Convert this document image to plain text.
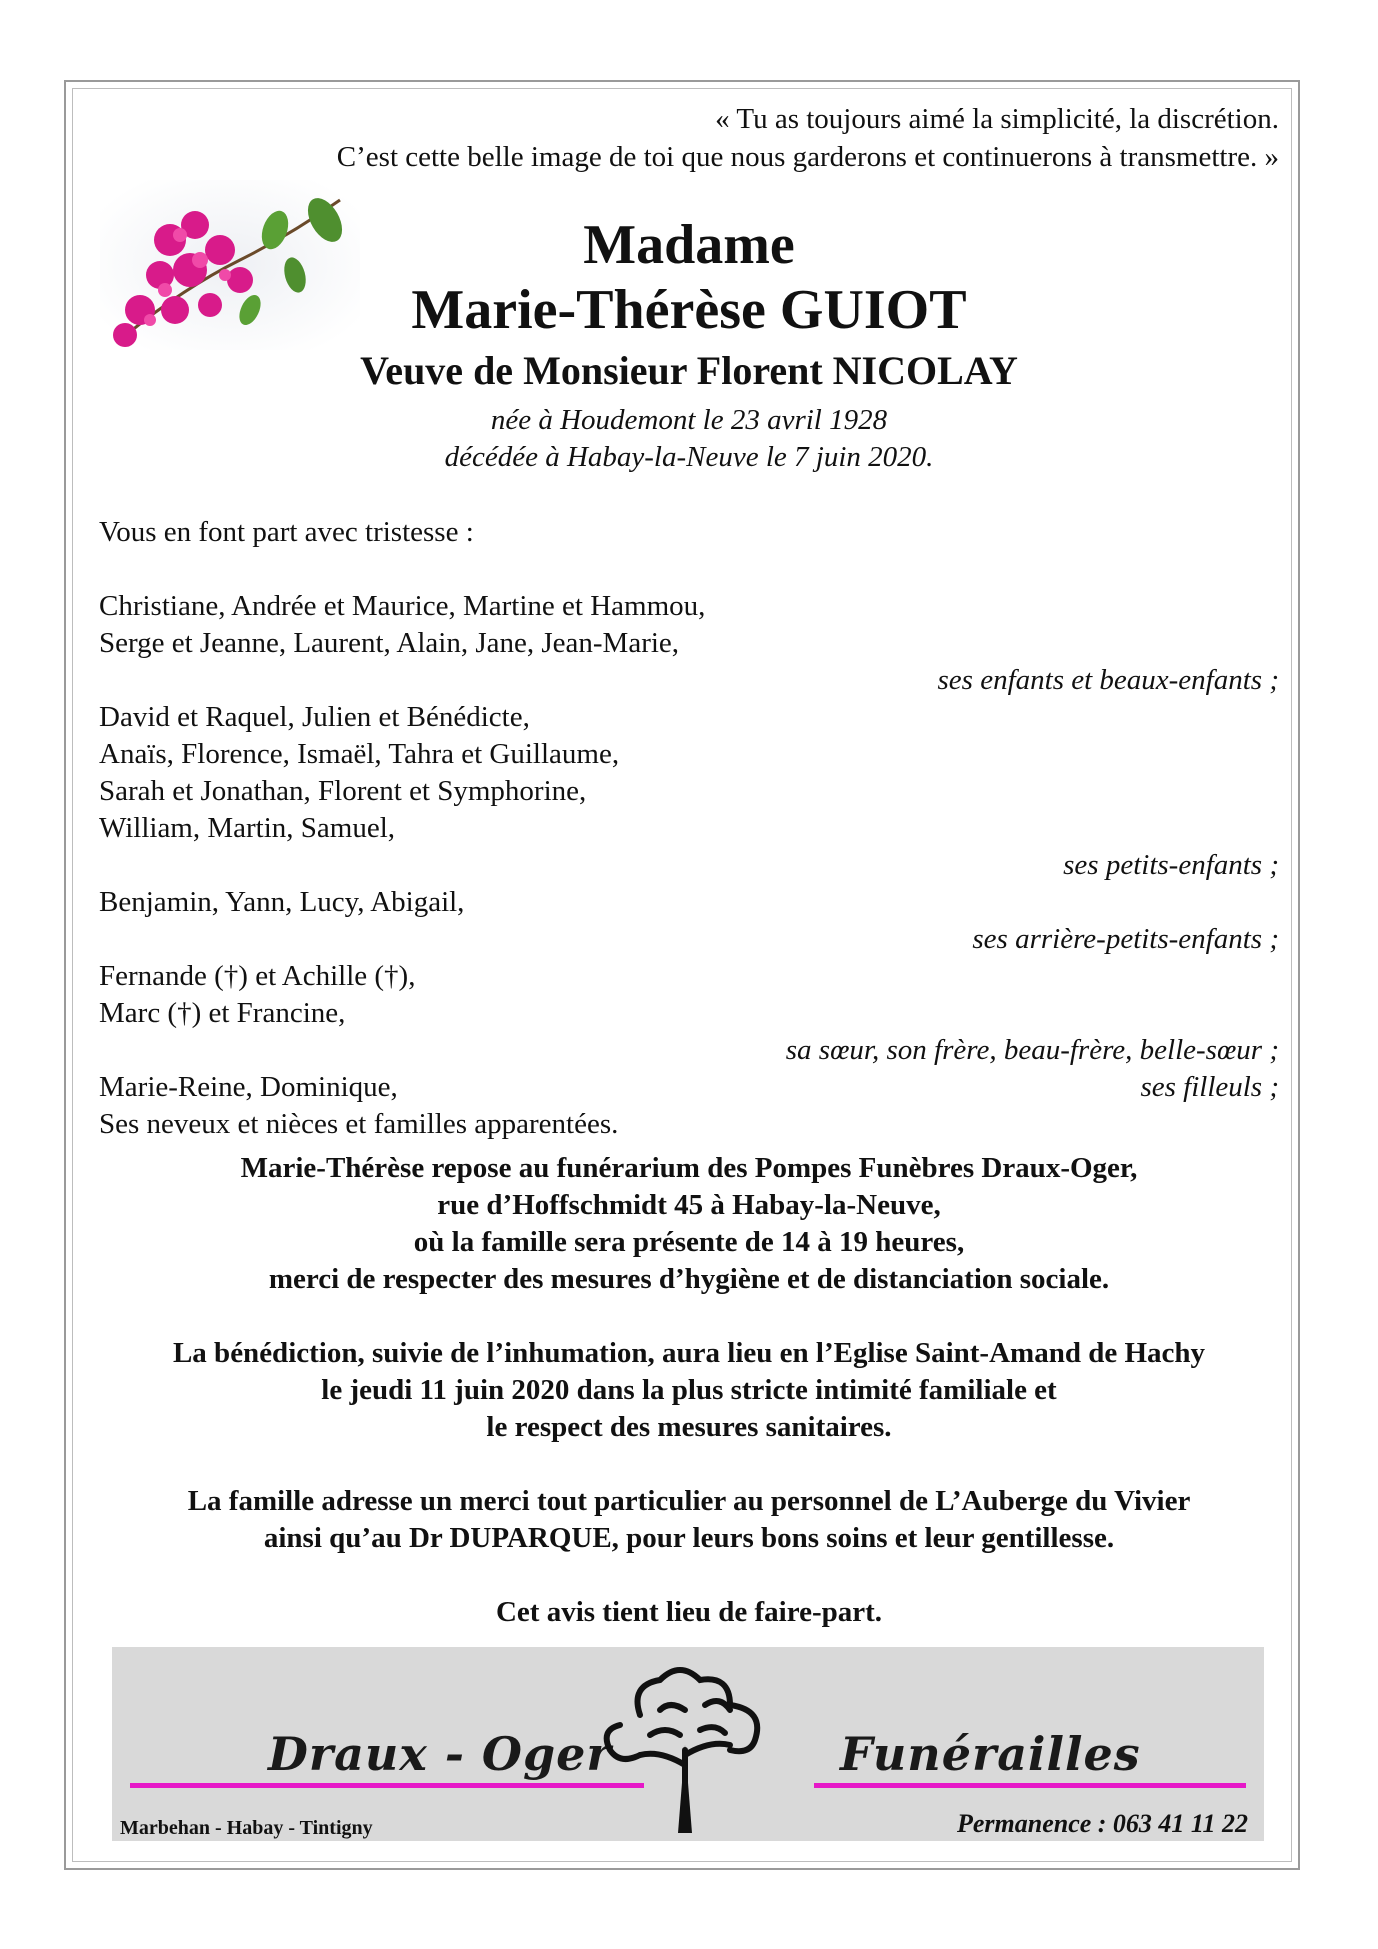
« Tu as toujours aimé la simplicité, la discrétion.
C’est cette belle image de toi que nous garderons et continuerons à transmettre. »
Madame
Marie-Thérèse GUIOT
Veuve de Monsieur Florent NICOLAY
née à Houdemont le 23 avril 1928
décédée à Habay-la-Neuve le 7 juin 2020.
Vous en font part avec tristesse :
Christiane, Andrée et Maurice, Martine et Hammou,
Serge et Jeanne, Laurent, Alain, Jane, Jean-Marie,
ses enfants et beaux-enfants ;
David et Raquel, Julien et Bénédicte,
Anaïs, Florence, Ismaël, Tahra et Guillaume,
Sarah et Jonathan, Florent et Symphorine,
William, Martin, Samuel,
ses petits-enfants ;
Benjamin, Yann, Lucy, Abigail,
ses arrière-petits-enfants ;
Fernande (†) et Achille (†),
Marc (†) et Francine,
sa sœur, son frère, beau-frère, belle-sœur ;
Marie-Reine, Dominique,	ses filleuls ;
Ses neveux et nièces et familles apparentées.
Marie-Thérèse repose au funérarium des Pompes Funèbres Draux-Oger,
rue d’Hoffschmidt 45 à Habay-la-Neuve,
où la famille sera présente de 14 à 19 heures,
merci de respecter des mesures d’hygiène et de distanciation sociale.
La bénédiction, suivie de l’inhumation, aura lieu en l’Eglise Saint-Amand de Hachy
le jeudi 11 juin 2020 dans la plus stricte intimité familiale et
le respect des mesures sanitaires.
La famille adresse un merci tout particulier au personnel de L’Auberge du Vivier
ainsi qu’au Dr DUPARQUE, pour leurs bons soins et leur gentillesse.
Cet avis tient lieu de faire-part.
Draux - Oger	Funérailles
Marbehan - Habay - Tintigny	Permanence : 063 41 11 22
